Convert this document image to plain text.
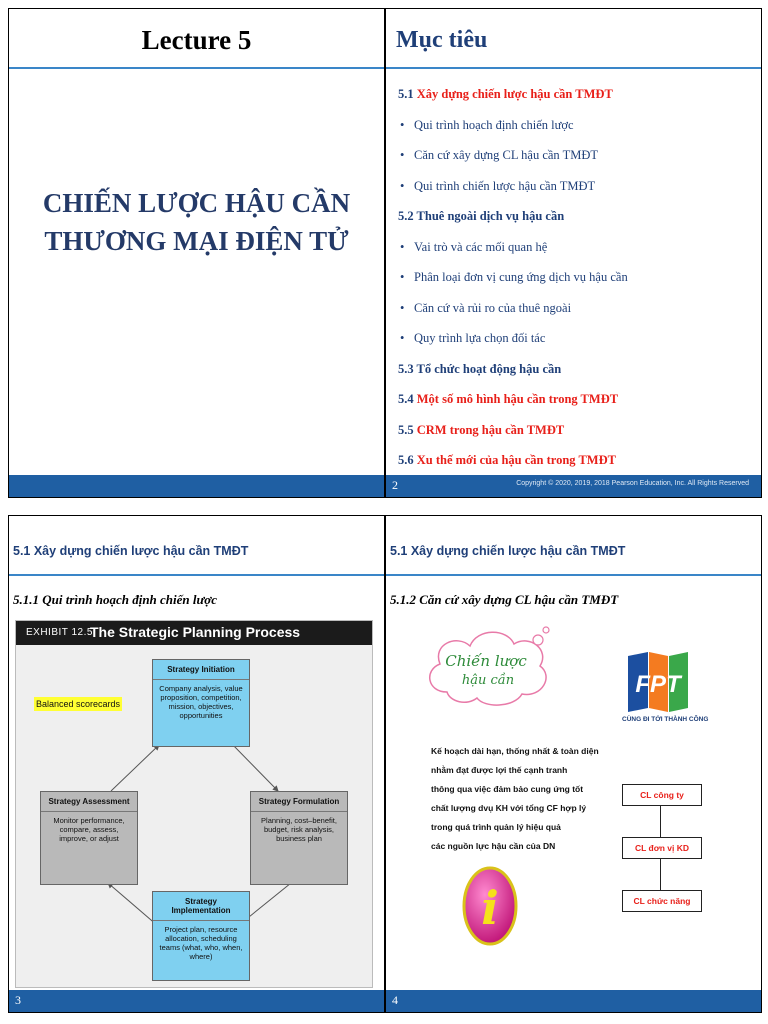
Lecture 5
CHIẾN LƯỢC HẬU CẦN
THƯƠNG MẠI ĐIỆN TỬ
Mục tiêu
5.1 Xây dựng chiến lược hậu cần TMĐT
• Qui trình hoạch định chiến lược
• Căn cứ xây dựng CL hậu cần TMĐT
• Qui trình chiến lược hậu cần TMĐT
5.2 Thuê ngoài dịch vụ hậu cần
• Vai trò và các mối quan hệ
• Phân loại đơn vị cung ứng dịch vụ hậu cần
• Căn cứ và rủi ro của thuê ngoài
• Quy trình lựa chọn đối tác
5.3 Tổ chức hoạt động hậu cần
5.4 Một số mô hình hậu cần trong TMĐT
5.5 CRM trong hậu cần TMĐT
5.6 Xu thế mới của hậu cần trong TMĐT
2	Copyright © 2020, 2019, 2018 Pearson Education, Inc. All Rights Reserved
5.1 Xây dựng chiến lược hậu cần TMĐT
5.1.1 Qui trình hoạch định chiến lược
EXHIBIT 12.5
The Strategic Planning Process
Balanced scorecards
Strategy Initiation
Company analysis, value proposition, competition, mission, objectives, opportunities
Strategy Assessment
Monitor performance, compare, assess, improve, or adjust
Strategy Formulation
Planning, cost–benefit, budget, risk analysis, business plan
Strategy Implementation
Project plan, resource allocation, scheduling teams (what, who, when, where)
3
5.1 Xây dựng chiến lược hậu cần TMĐT
5.1.2 Căn cứ xây dựng CL hậu cần TMĐT
Chiến lược
hậu cần	FPT
CÙNG ĐI TỚI THÀNH CÔNG
Kế hoạch dài hạn, thống nhất & toàn diện
nhằm đạt được lợi thế cạnh tranh
thông qua việc đảm bảo cung ứng tốt
chất lượng dvụ KH với tổng CF hợp lý
trong quá trình quản lý hiệu quả
các nguồn lực hậu cần của DN
i
CL công ty
CL đơn vị KD
CL chức năng
4
